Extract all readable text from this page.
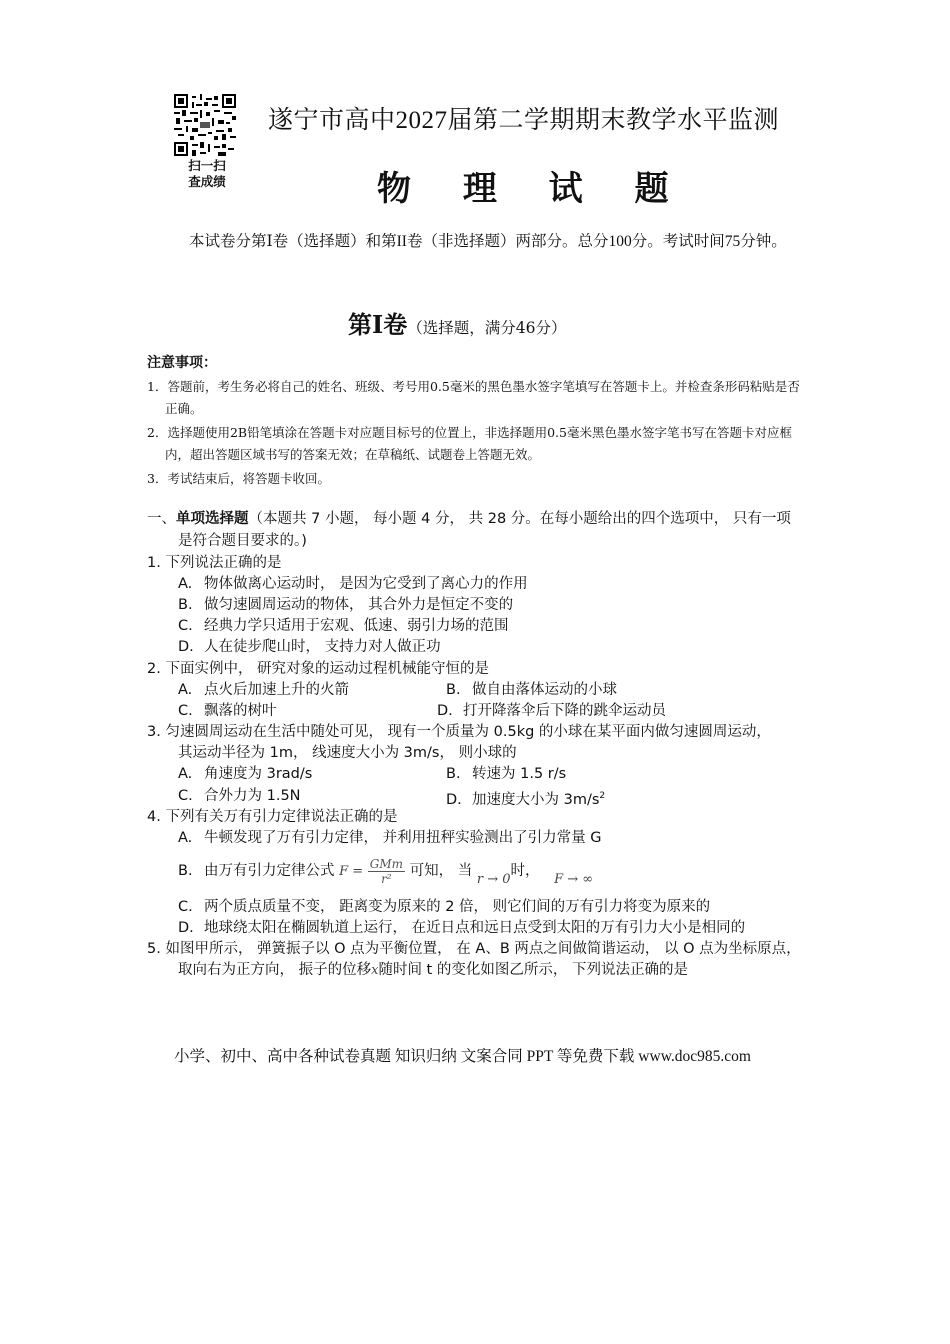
扫一扫
查成绩
遂宁市高中2027届第二学期期末教学水平监测
物 理 试 题
本试卷分第Ⅰ卷（选择题）和第II卷（非选择题）两部分。总分100分。考试时间75分钟。
第Ⅰ卷（选择题，满分46分）
注意事项：
1．答题前，考生务必将自己的姓名、班级、考号用0.5毫米的黑色墨水签字笔填写在答题卡上。并检查条形码粘贴是否正确。
2．选择题使用2B铅笔填涂在答题卡对应题目标号的位置上，非选择题用0.5毫米黑色墨水签字笔书写在答题卡对应框内，超出答题区域书写的答案无效；在草稿纸、试题卷上答题无效。
3．考试结束后，将答题卡收回。
一、单项选择题（本题共 7 小题， 每小题 4 分， 共 28 分。在每小题给出的四个选项中， 只有一项
是符合题目要求的。)
1. 下列说法正确的是
A. 物体做离心运动时， 是因为它受到了离心力的作用
B. 做匀速圆周运动的物体， 其合外力是恒定不变的
C. 经典力学只适用于宏观、低速、弱引力场的范围
D. 人在徒步爬山时， 支持力对人做正功
2. 下面实例中， 研究对象的运动过程机械能守恒的是
A. 点火后加速上升的火箭	B. 做自由落体运动的小球
C. 飘落的树叶	D. 打开降落伞后下降的跳伞运动员
3. 匀速圆周运动在生活中随处可见， 现有一个质量为 0.5kg 的小球在某平面内做匀速圆周运动，
其运动半径为 1m， 线速度大小为 3m/s， 则小球的
A. 角速度为 3rad/s	B. 转速为 1.5 r/s
C. 合外力为 1.5N	D. 加速度大小为 $3m/s^2$
4. 下列有关万有引力定律说法正确的是
A. 牛顿发现了万有引力定律， 并利用扭秤实验测出了引力常量 G
B. 由万有引力定律公式 $F = \frac{\text{GMm}}{\text{r²}}$ 可知， 当 r → 0时， F → ∞
C. 两个质点质量不变， 距离变为原来的 2 倍， 则它们间的万有引力将变为原来的
D. 地球绕太阳在椭圆轨道上运行， 在近日点和远日点受到太阳的万有引力大小是相同的
5. 如图甲所示， 弹簧振子以 O 点为平衡位置， 在 A、B 两点之间做简谐运动， 以 O 点为坐标原点，
取向右为正方向， 振子的位移x随时间 t 的变化如图乙所示， 下列说法正确的是
小学、初中、高中各种试卷真题 知识归纳 文案合同 PPT 等免费下载 www.doc985.com
